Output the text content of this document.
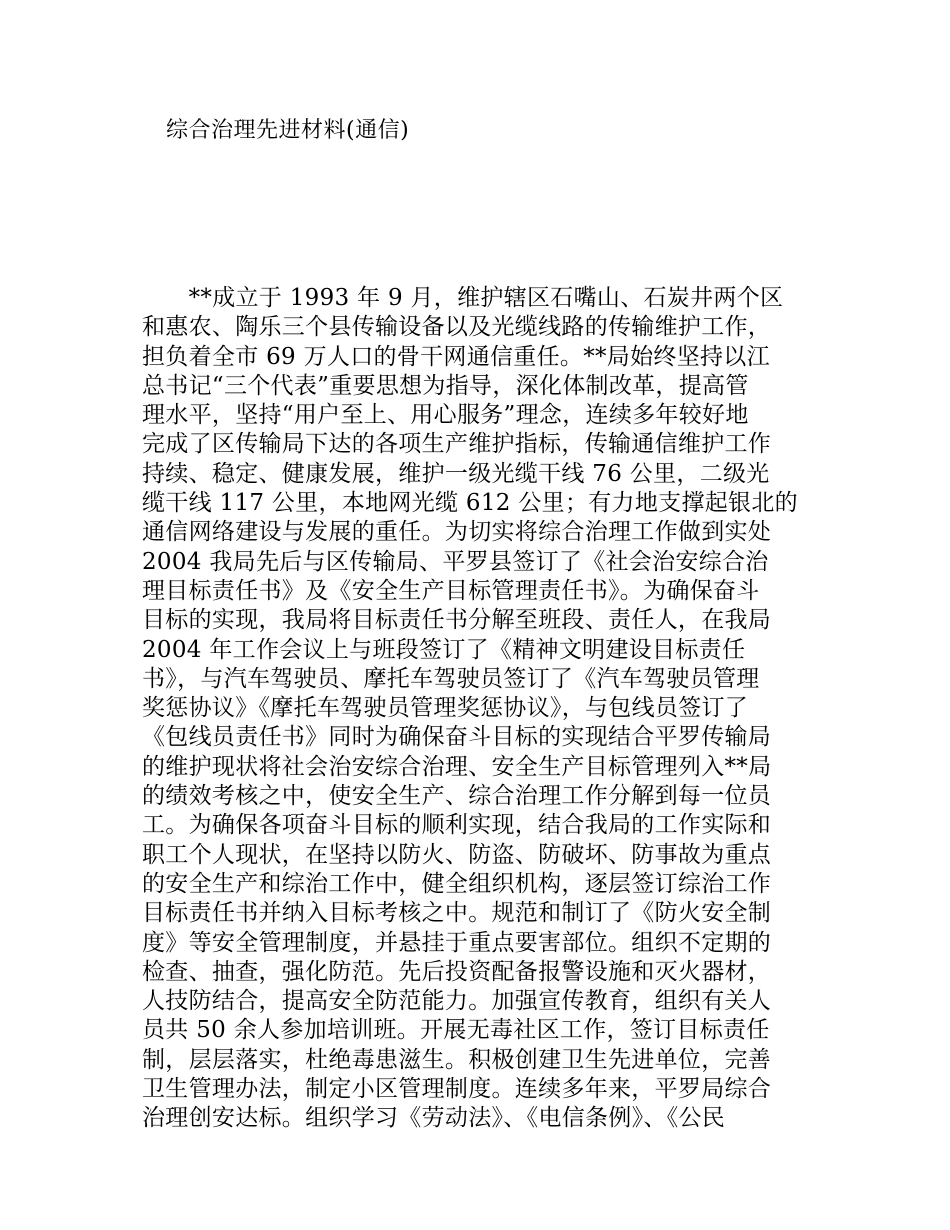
综合治理先进材料(通信)
　　**成立于 1993 年 9 月，维护辖区石嘴山、石炭井两个区
和惠农、陶乐三个县传输设备以及光缆线路的传输维护工作，
担负着全市 69 万人口的骨干网通信重任。**局始终坚持以江
总书记“三个代表”重要思想为指导，深化体制改革，提高管
理水平，坚持“用户至上、用心服务”理念，连续多年较好地
完成了区传输局下达的各项生产维护指标，传输通信维护工作
持续、稳定、健康发展，维护一级光缆干线 76 公里，二级光
缆干线 117 公里，本地网光缆 612 公里；有力地支撑起银北的
通信网络建设与发展的重任。为切实将综合治理工作做到实处
2004 我局先后与区传输局、平罗县签订了《社会治安综合治
理目标责任书》及《安全生产目标管理责任书》。为确保奋斗
目标的实现，我局将目标责任书分解至班段、责任人，在我局
2004 年工作会议上与班段签订了《精神文明建设目标责任
书》，与汽车驾驶员、摩托车驾驶员签订了《汽车驾驶员管理
奖惩协议》《摩托车驾驶员管理奖惩协议》，与包线员签订了
《包线员责任书》同时为确保奋斗目标的实现结合平罗传输局
的维护现状将社会治安综合治理、安全生产目标管理列入**局
的绩效考核之中，使安全生产、综合治理工作分解到每一位员
工。为确保各项奋斗目标的顺利实现，结合我局的工作实际和
职工个人现状，在坚持以防火、防盗、防破坏、防事故为重点
的安全生产和综治工作中，健全组织机构，逐层签订综治工作
目标责任书并纳入目标考核之中。规范和制订了《防火安全制
度》等安全管理制度，并悬挂于重点要害部位。组织不定期的
检查、抽查，强化防范。先后投资配备报警设施和灭火器材，
人技防结合，提高安全防范能力。加强宣传教育，组织有关人
员共 50 余人参加培训班。开展无毒社区工作，签订目标责任
制，层层落实，杜绝毒患滋生。积极创建卫生先进单位，完善
卫生管理办法，制定小区管理制度。连续多年来，平罗局综合
治理创安达标。组织学习《劳动法》、《电信条例》、《公民
